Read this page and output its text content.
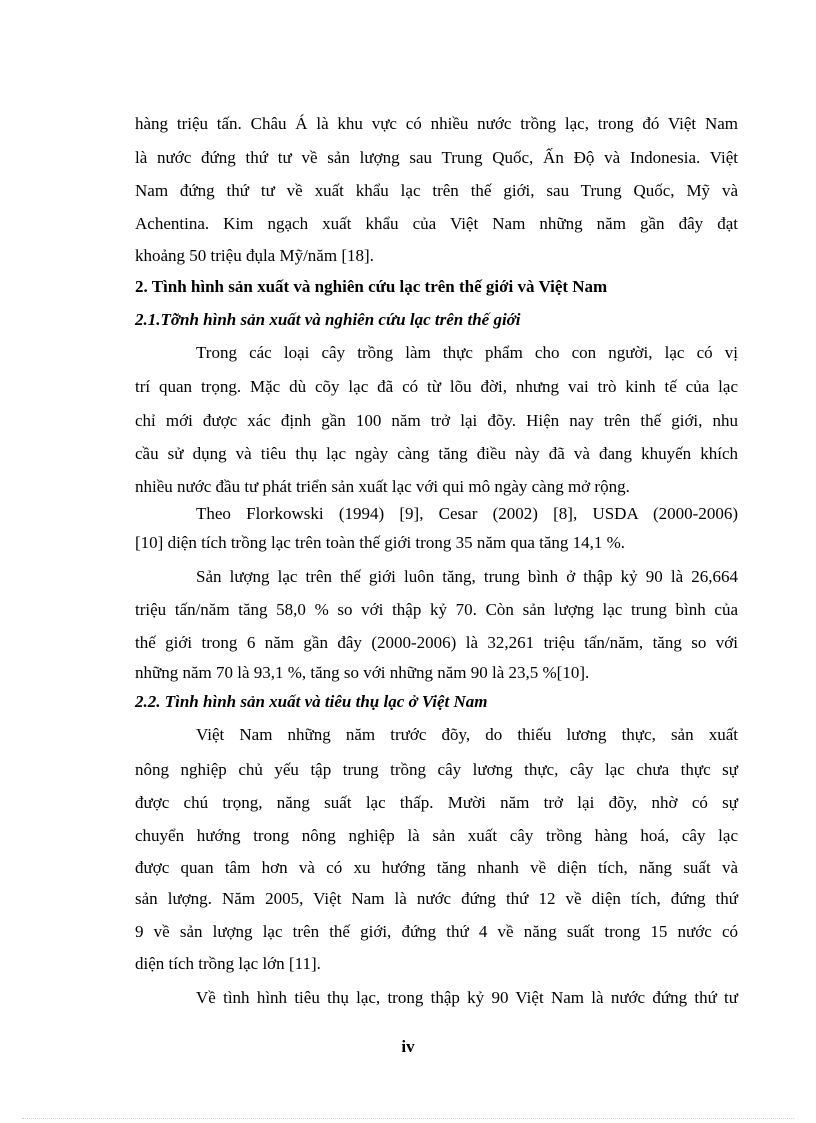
hàng triệu tấn. Châu Á là khu vực có nhiều nước trồng lạc, trong đó Việt Nam
là nước đứng thứ tư về sản lượng sau Trung Quốc, Ấn Độ và Indonesia. Việt
Nam đứng thứ tư về xuất khẩu lạc trên thế giới, sau Trung Quốc, Mỹ và
Achentina. Kim ngạch xuất khẩu của Việt Nam những năm gần đây đạt
khoảng 50 triệu đụla Mỹ/năm [18].
2. Tình hình sản xuất và nghiên cứu lạc trên thế giới và Việt Nam
2.1.Tỡnh hình sản xuất và nghiên cứu lạc trên thế giới
Trong các loại cây trồng làm thực phẩm cho con người, lạc có vị
trí quan trọng. Mặc dù cõy lạc đã có từ lõu đời, nhưng vai trò kinh tế của lạc
chỉ mới được xác định gần 100 năm trở lại đõy. Hiện nay trên thế giới, nhu
cầu sử dụng và tiêu thụ lạc ngày càng tăng điều này đã và đang khuyến khích
nhiều nước đầu tư phát triển sản xuất lạc với qui mô ngày càng mở rộng.
Theo Florkowski (1994) [9], Cesar (2002) [8], USDA (2000-2006)
[10] diện tích trồng lạc trên toàn thế giới trong 35 năm qua tăng 14,1 %.
Sản lượng lạc trên thế giới luôn tăng, trung bình ở thập kỷ 90 là 26,664
triệu tấn/năm tăng 58,0 % so với thập kỷ 70. Còn sản lượng lạc trung bình của
thế giới trong 6 năm gần đây (2000-2006) là 32,261 triệu tấn/năm, tăng so với
những năm 70 là 93,1 %, tăng so với những năm 90 là 23,5 %[10].
2.2. Tình hình sản xuất và tiêu thụ lạc ở Việt Nam
Việt Nam những năm trước đõy, do thiếu lương thực, sản xuất
nông nghiệp chủ yếu tập trung trồng cây lương thực, cây lạc chưa thực sự
được chú trọng, năng suất lạc thấp. Mười năm trở lại đõy, nhờ có sự
chuyển hướng trong nông nghiệp là sản xuất cây trồng hàng hoá, cây lạc
được quan tâm hơn và có xu hướng tăng nhanh về diện tích, năng suất và
sản lượng. Năm 2005, Việt Nam là nước đứng thứ 12 về diện tích, đứng thứ
9 về sản lượng lạc trên thế giới, đứng thứ 4 về năng suất trong 15 nước có
diện tích trồng lạc lớn [11].
Về tình hình tiêu thụ lạc, trong thập kỷ 90 Việt Nam là nước đứng thứ tư
iv
